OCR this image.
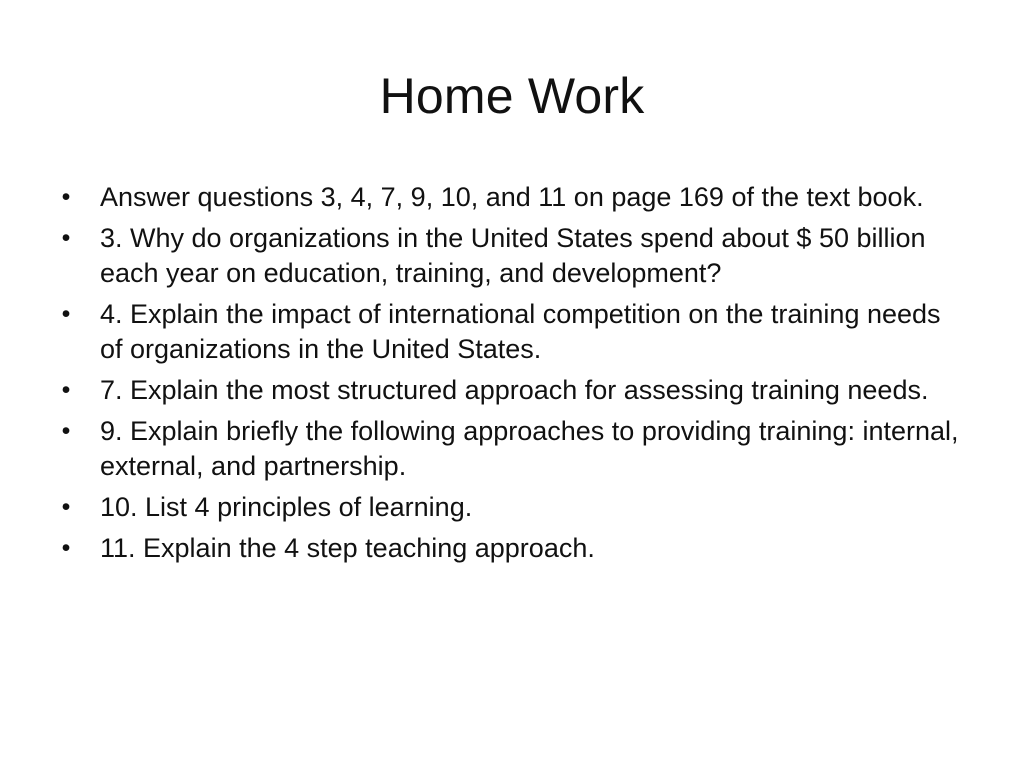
Home Work
• Answer questions 3, 4, 7, 9, 10, and 11 on page 169 of the text book.
• 3. Why do organizations in the United States spend about $ 50 billion each year on education, training, and development?
• 4. Explain the impact of international competition on the training needs of organizations in the United States.
• 7. Explain the most structured approach for assessing training needs.
• 9. Explain briefly the following approaches to providing training: internal, external, and partnership.
• 10. List 4 principles of learning.
• 11. Explain the 4 step teaching approach.
